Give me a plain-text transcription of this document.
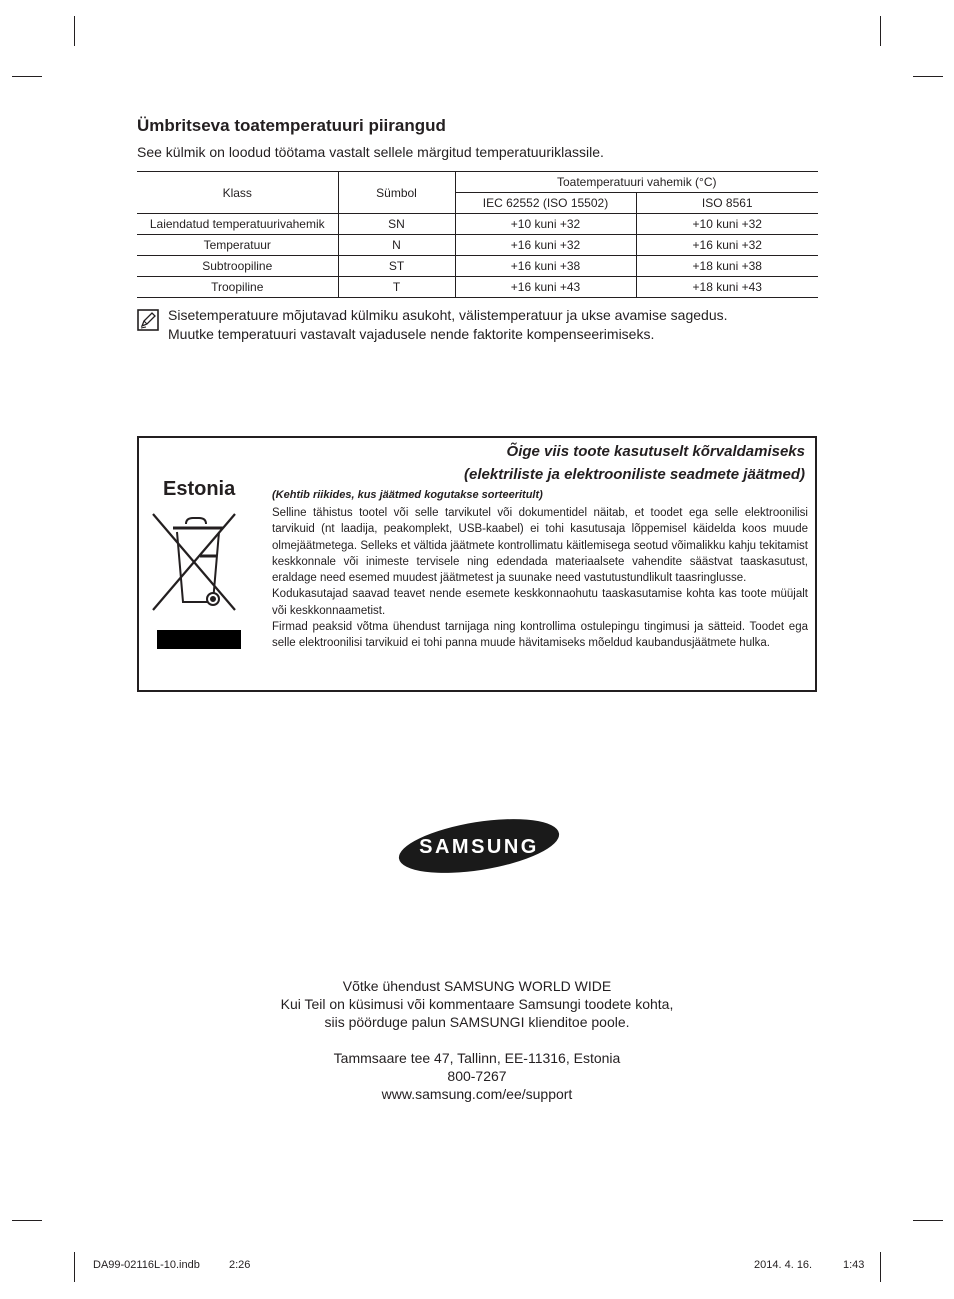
Ümbritseva toatemperatuuri piirangud

See külmik on loodud töötama vastalt sellele märgitud temperatuuriklassile.

Klass	Sümbol	Toatemperatuuri vahemik (°C)	
		IEC 62552 (ISO 15502)	ISO 8561
Laiendatud temperatuurivahemik	SN	+10 kuni +32	+10 kuni +32
Temperatuur	N	+16 kuni +32	+16 kuni +32
Subtroopiline	ST	+16 kuni +38	+18 kuni +38
Troopiline	T	+16 kuni +43	+18 kuni +43

Sisetemperatuure mõjutavad külmiku asukoht, välistemperatuur ja ukse avamise sagedus.
Muutke temperatuuri vastavalt vajadusele nende faktorite kompenseerimiseks.

Õige viis toote kasutuselt kõrvaldamiseks
(elektriliste ja elektrooniliste seadmete jäätmed)

Estonia	(Kehtib riikides, kus jäätmed kogutakse sorteeritult)

Selline tähistus tootel või selle tarvikutel või dokumentidel näitab, et toodet ega selle elektroonilisi tarvikuid (nt laadija, peakomplekt, USB-kaabel) ei tohi kasutusaja lõppemisel käidelda koos muude olmejäätmetega. Selleks et vältida jäätmete kontrollimatu käitlemisega seotud võimalikku kahju tekitamist keskkonnale või inimeste tervisele ning edendada materiaalsete vahendite säästvat taaskasutust, eraldage need esemed muudest jäätmetest ja suunake need vastutustundlikult taasringlusse.

Kodukasutajad saavad teavet nende esemete keskkonnaohutu taaskasutamise kohta kas toote müüjalt või keskkonnaametist.

Firmad peaksid võtma ühendust tarnijaga ning kontrollima ostulepingu tingimusi ja sätteid. Toodet ega selle elektroonilisi tarvikuid ei tohi panna muude hävitamiseks mõeldud kaubandusjäätmete hulka.

SAMSUNG

Võtke ühendust SAMSUNG WORLD WIDE

Kui Teil on küsimusi või kommentaare Samsungi toodete kohta,

siis pöörduge palun SAMSUNGI klienditoe poole.

Tammsaare tee 47, Tallinn, EE-11316, Estonia

800-7267

www.samsung.com/ee/support

DA99-02116L-10.indb	2:26	2014. 4. 16.	1:43
